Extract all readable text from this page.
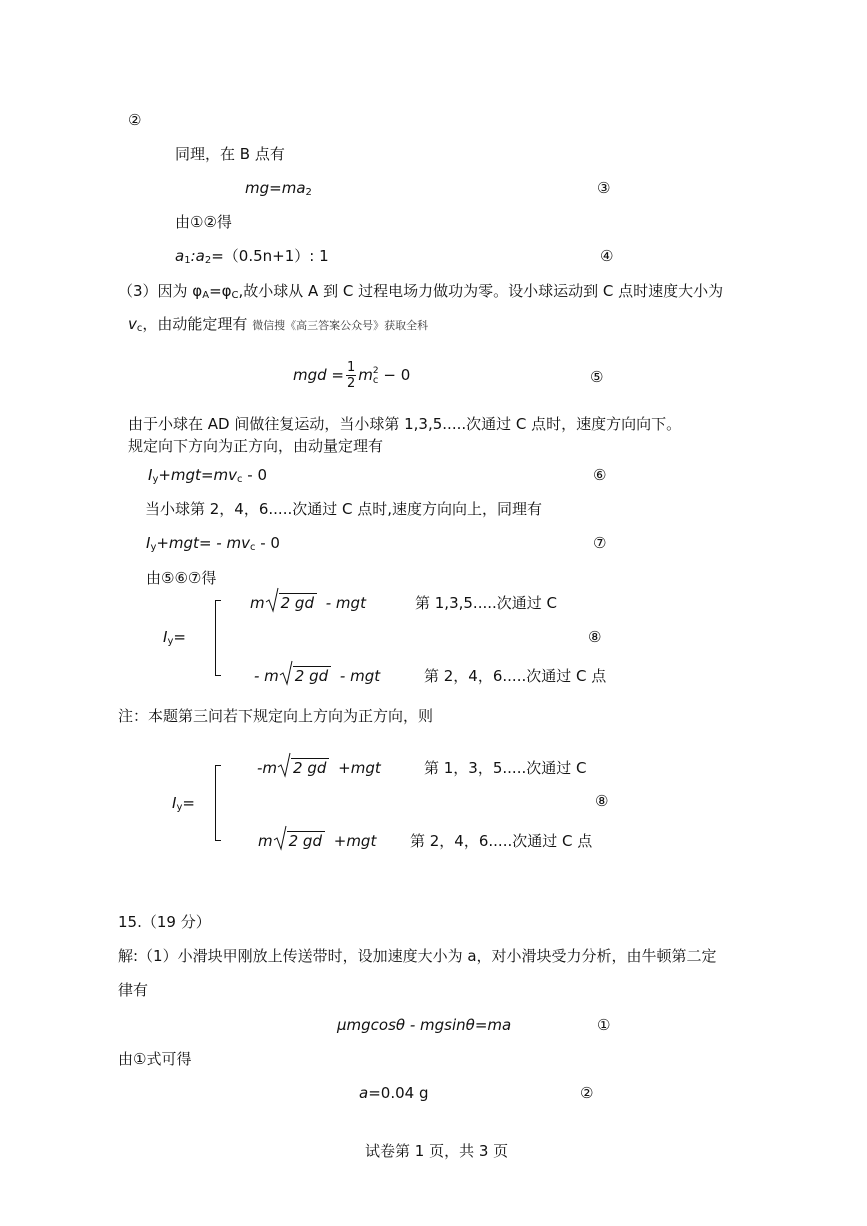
②
同理，在 B 点有
$mg=ma_2$	③
由①②得
$a_1:a_2=(0.5n+1)$: 1	④
（3）因为 $\varphi_A=\varphi_C$,故小球从 A 到 C 过程电场力做功为零。设小球运动到 C 点时速度大小为
$v_c$，由动能定理有 微信搜《高三答案公众号》获取全科
mgd = $\frac{1}{2}$ m 2
c − 0	⑤
由于小球在 AD 间做往复运动，当小球第 1,3,5.....次通过 C 点时，速度方向向下。
规定向下方向为正方向，由动量定理有
$I_y+mgt=mv_c - 0$	⑥
当小球第 2，4，6.....次通过 C 点时,速度方向向上，同理有
$I_y+mgt= - mv_c - 0$	⑦
由⑤⑥⑦得
$I_y=$
m 2 gd - mgt	第 1,3,5.....次通过 C
⑧
- m 2 gd - mgt	第 2，4，6.....次通过 C 点
注：本题第三问若下规定向上方向为正方向，则
$I_y=$
-m 2 gd +mgt	第 1，3，5.....次通过 C
⑧
m 2 gd +mgt 第 2，4，6.....次通过 C 点
15.（19 分）
解:（1）小滑块甲刚放上传送带时，设加速度大小为 a，对小滑块受力分析，由牛顿第二定
律有
μmgcosθ - mgsinθ=ma	①
由①式可得
a=0.04 g	②
试卷第 1 页，共 3 页
